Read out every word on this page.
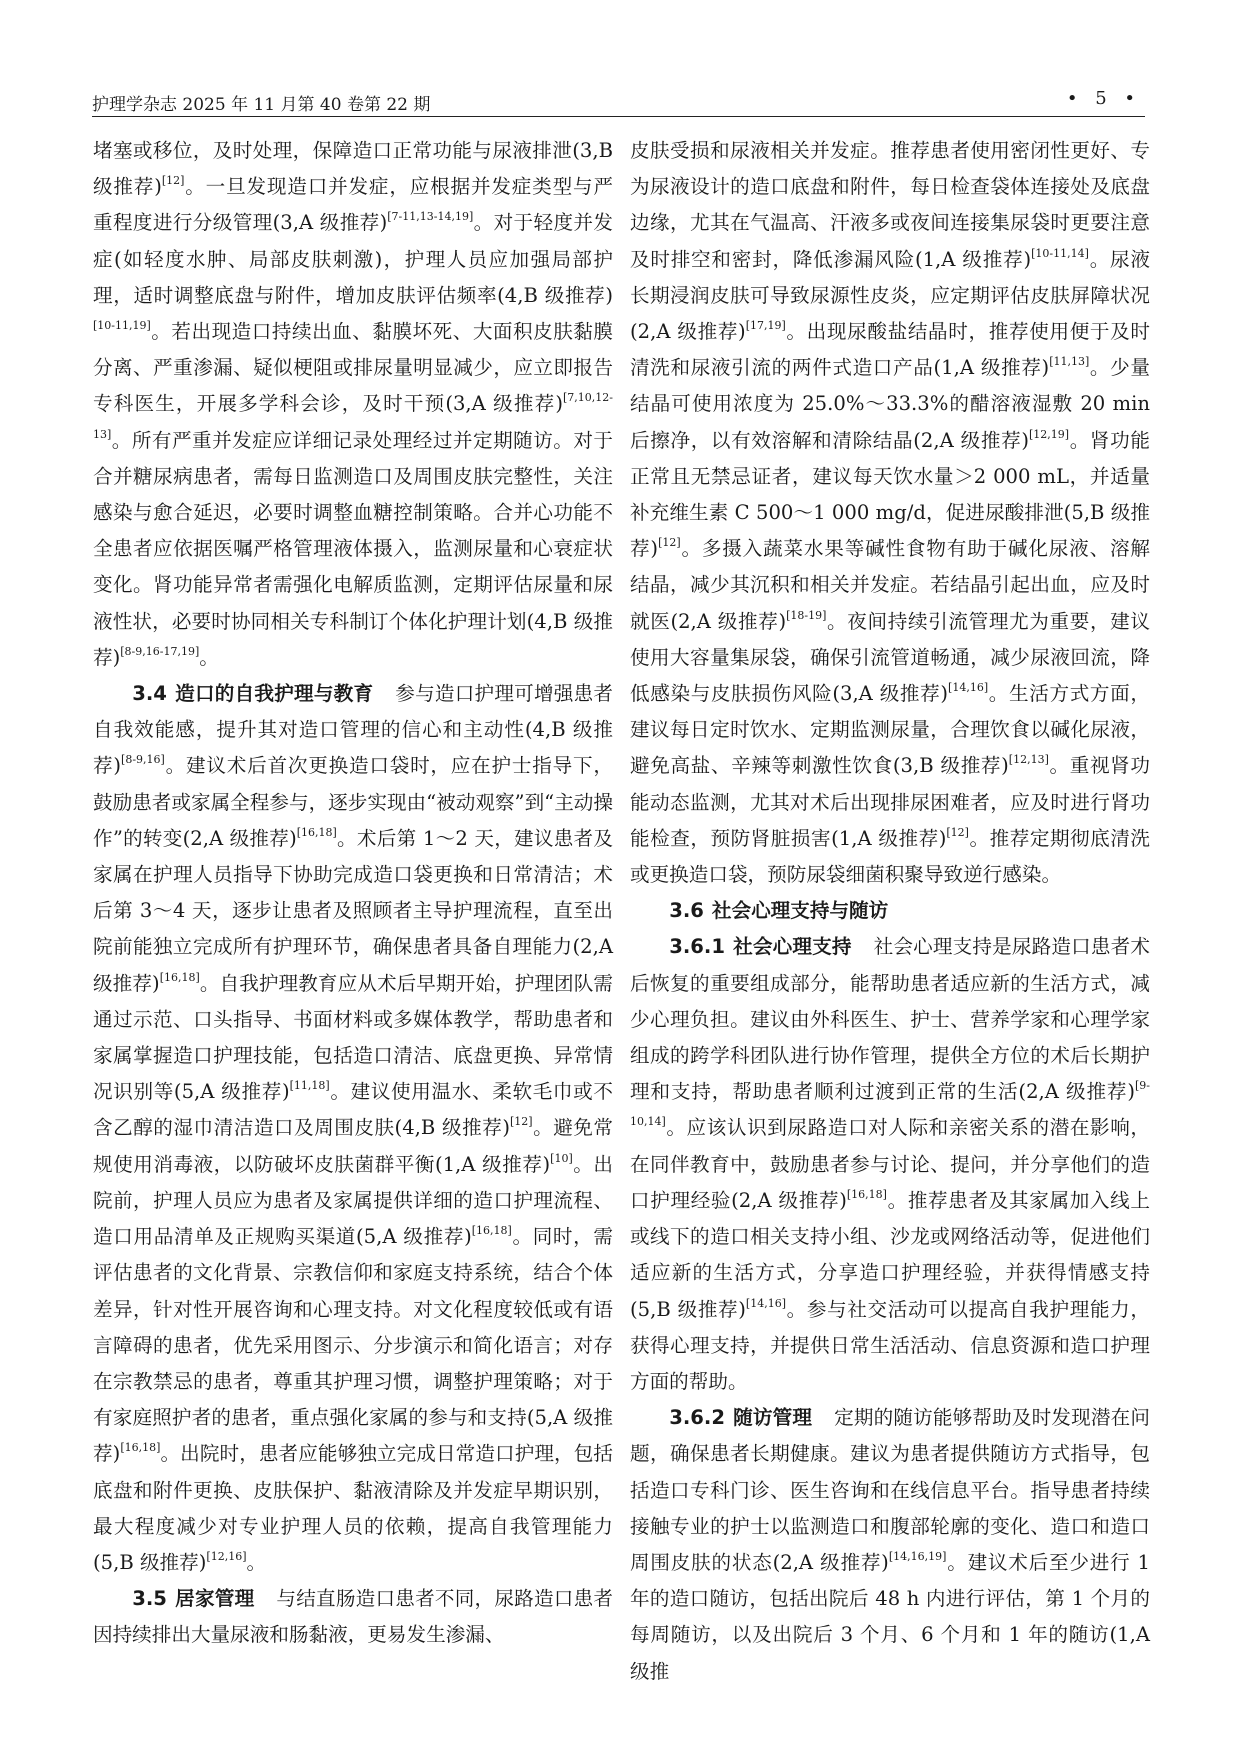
护理学杂志 2025 年 11 月第 40 卷第 22 期	• 5 •

堵塞或移位，及时处理，保障造口正常功能与尿液排泄(3,B 级推荐)[12]。一旦发现造口并发症，应根据并发症类型与严重程度进行分级管理(3,A 级推荐)[7-11,13-14,19]。对于轻度并发症(如轻度水肿、局部皮肤刺激)，护理人员应加强局部护理，适时调整底盘与附件，增加皮肤评估频率(4,B 级推荐)[10-11,19]。若出现造口持续出血、黏膜坏死、大面积皮肤黏膜分离、严重渗漏、疑似梗阻或排尿量明显减少，应立即报告专科医生，开展多学科会诊，及时干预(3,A 级推荐)[7,10,12-13]。所有严重并发症应详细记录处理经过并定期随访。对于合并糖尿病患者，需每日监测造口及周围皮肤完整性，关注感染与愈合延迟，必要时调整血糖控制策略。合并心功能不全患者应依据医嘱严格管理液体摄入，监测尿量和心衰症状变化。肾功能异常者需强化电解质监测，定期评估尿量和尿液性状，必要时协同相关专科制订个体化护理计划(4,B 级推荐)[8-9,16-17,19]。

3.4 造口的自我护理与教育 参与造口护理可增强患者自我效能感，提升其对造口管理的信心和主动性(4,B 级推荐)[8-9,16]。建议术后首次更换造口袋时，应在护士指导下，鼓励患者或家属全程参与，逐步实现由“被动观察”到“主动操作”的转变(2,A 级推荐)[16,18]。术后第 1～2 天，建议患者及家属在护理人员指导下协助完成造口袋更换和日常清洁；术后第 3～4 天，逐步让患者及照顾者主导护理流程，直至出院前能独立完成所有护理环节，确保患者具备自理能力(2,A 级推荐)[16,18]。自我护理教育应从术后早期开始，护理团队需通过示范、口头指导、书面材料或多媒体教学，帮助患者和家属掌握造口护理技能，包括造口清洁、底盘更换、异常情况识别等(5,A 级推荐)[11,18]。建议使用温水、柔软毛巾或不含乙醇的湿巾清洁造口及周围皮肤(4,B 级推荐)[12]。避免常规使用消毒液，以防破坏皮肤菌群平衡(1,A 级推荐)[10]。出院前，护理人员应为患者及家属提供详细的造口护理流程、造口用品清单及正规购买渠道(5,A 级推荐)[16,18]。同时，需评估患者的文化背景、宗教信仰和家庭支持系统，结合个体差异，针对性开展咨询和心理支持。对文化程度较低或有语言障碍的患者，优先采用图示、分步演示和简化语言；对存在宗教禁忌的患者，尊重其护理习惯，调整护理策略；对于有家庭照护者的患者，重点强化家属的参与和支持(5,A 级推荐)[16,18]。出院时，患者应能够独立完成日常造口护理，包括底盘和附件更换、皮肤保护、黏液清除及并发症早期识别，最大程度减少对专业护理人员的依赖，提高自我管理能力(5,B 级推荐)[12,16]。

3.5 居家管理 与结直肠造口患者不同，尿路造口患者因持续排出大量尿液和肠黏液，更易发生渗漏、

皮肤受损和尿液相关并发症。推荐患者使用密闭性更好、专为尿液设计的造口底盘和附件，每日检查袋体连接处及底盘边缘，尤其在气温高、汗液多或夜间连接集尿袋时更要注意及时排空和密封，降低渗漏风险(1,A 级推荐)[10-11,14]。尿液长期浸润皮肤可导致尿源性皮炎，应定期评估皮肤屏障状况(2,A 级推荐)[17,19]。出现尿酸盐结晶时，推荐使用便于及时清洗和尿液引流的两件式造口产品(1,A 级推荐)[11,13]。少量结晶可使用浓度为 25.0%～33.3%的醋溶液湿敷 20 min 后擦净，以有效溶解和清除结晶(2,A 级推荐)[12,19]。肾功能正常且无禁忌证者，建议每天饮水量＞2 000 mL，并适量补充维生素 C 500～1 000 mg/d，促进尿酸排泄(5,B 级推荐)[12]。多摄入蔬菜水果等碱性食物有助于碱化尿液、溶解结晶，减少其沉积和相关并发症。若结晶引起出血，应及时就医(2,A 级推荐)[18-19]。夜间持续引流管理尤为重要，建议使用大容量集尿袋，确保引流管道畅通，减少尿液回流，降低感染与皮肤损伤风险(3,A 级推荐)[14,16]。生活方式方面，建议每日定时饮水、定期监测尿量，合理饮食以碱化尿液，避免高盐、辛辣等刺激性饮食(3,B 级推荐)[12,13]。重视肾功能动态监测，尤其对术后出现排尿困难者，应及时进行肾功能检查，预防肾脏损害(1,A 级推荐)[12]。推荐定期彻底清洗或更换造口袋，预防尿袋细菌积聚导致逆行感染。

3.6 社会心理支持与随访

3.6.1 社会心理支持 社会心理支持是尿路造口患者术后恢复的重要组成部分，能帮助患者适应新的生活方式，减少心理负担。建议由外科医生、护士、营养学家和心理学家组成的跨学科团队进行协作管理，提供全方位的术后长期护理和支持，帮助患者顺利过渡到正常的生活(2,A 级推荐)[9-10,14]。应该认识到尿路造口对人际和亲密关系的潜在影响，在同伴教育中，鼓励患者参与讨论、提问，并分享他们的造口护理经验(2,A 级推荐)[16,18]。推荐患者及其家属加入线上或线下的造口相关支持小组、沙龙或网络活动等，促进他们适应新的生活方式，分享造口护理经验，并获得情感支持(5,B 级推荐)[14,16]。参与社交活动可以提高自我护理能力，获得心理支持，并提供日常生活活动、信息资源和造口护理方面的帮助。

3.6.2 随访管理 定期的随访能够帮助及时发现潜在问题，确保患者长期健康。建议为患者提供随访方式指导，包括造口专科门诊、医生咨询和在线信息平台。指导患者持续接触专业的护士以监测造口和腹部轮廓的变化、造口和造口周围皮肤的状态(2,A 级推荐)[14,16,19]。建议术后至少进行 1 年的造口随访，包括出院后 48 h 内进行评估，第 1 个月的每周随访，以及出院后 3 个月、6 个月和 1 年的随访(1,A 级推
